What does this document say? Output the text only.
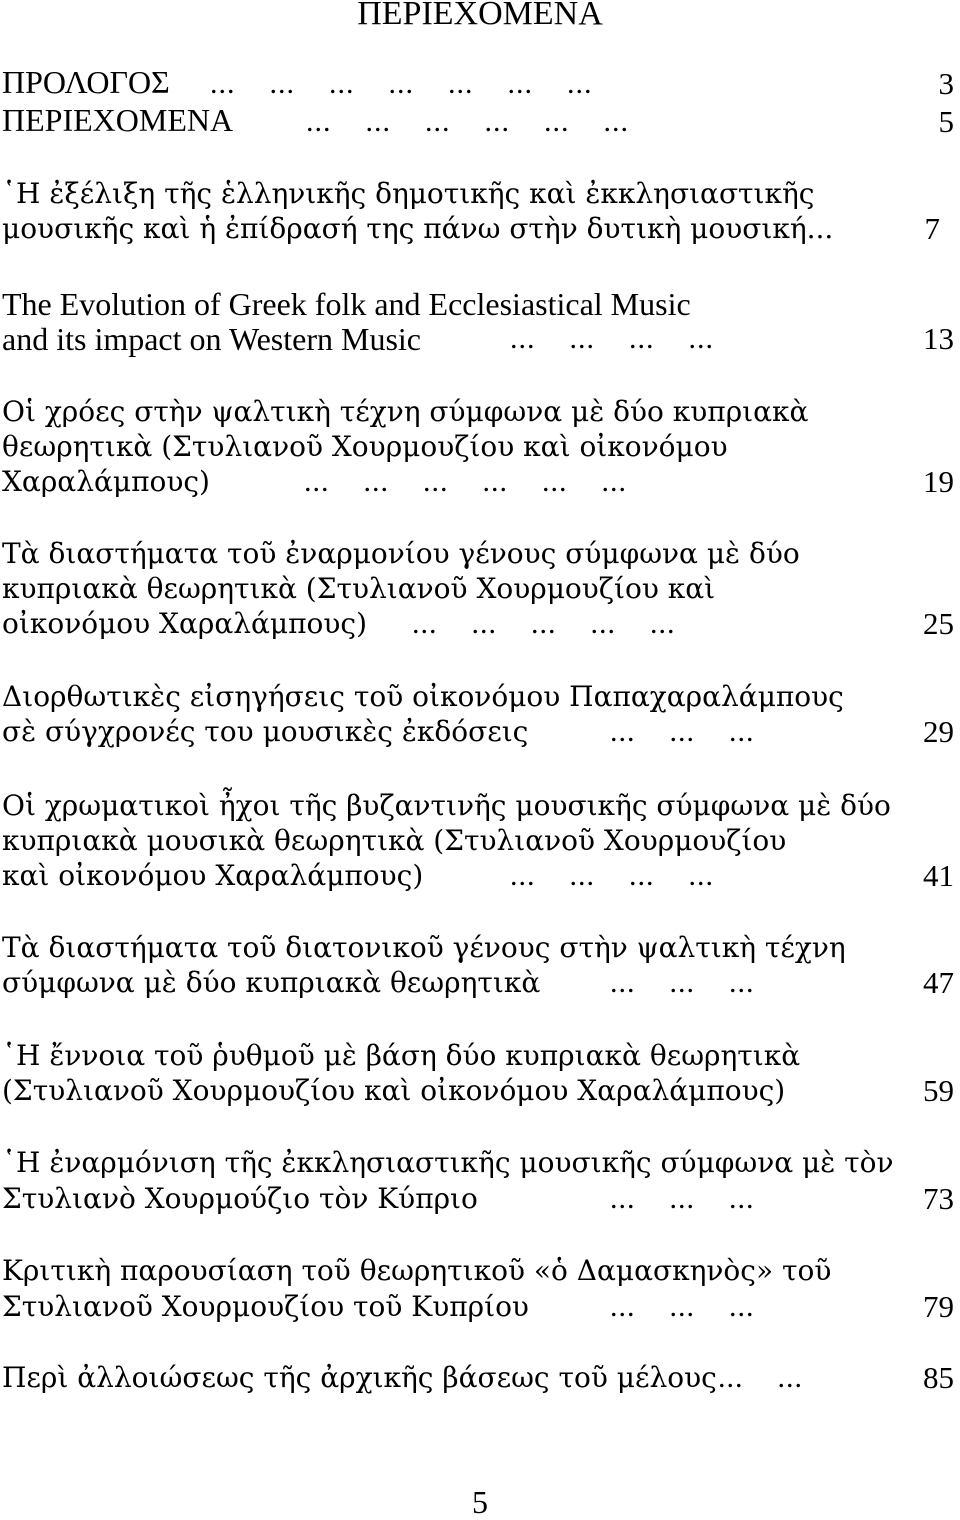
ΠΕΡΙΕΧΟΜΕΝΑ
ΠΡΟΛΟΓΟΣ ...    ...    ...    ...    ...    ...    ...	3
ΠΕΡΙΕΧΟΜΕΝΑ ...    ...    ...    ...    ...    ...	5
῾Η ἐξέλιξη τῆς ἑλληνικῆς δημοτικῆς καὶ ἐκκλησιαστικῆς
μουσικῆς καὶ ἡ ἐπίδρασή της πάνω στὴν δυτικὴ μουσική...	7
The Evolution of Greek folk and Ecclesiastical Music
and its impact on Western Music	...    ...    ...    ...	13
Οἱ χρόες στὴν ψαλτικὴ τέχνη σύμφωνα μὲ δύο κυπριακὰ
θεωρητικὰ (Στυλιανοῦ Χουρμουζίου καὶ οἰκονόμου
Χαραλάμπους)	...    ...    ...    ...    ...    ...	19
Τὰ διαστήματα τοῦ ἐναρμονίου γένους σύμφωνα μὲ δύο
κυπριακὰ θεωρητικὰ (Στυλιανοῦ Χουρμουζίου καὶ
οἰκονόμου Χαραλάμπους) ...    ...    ...    ...    ...	25
Διορθωτικὲς εἰσηγήσεις τοῦ οἰκονόμου Παπαχαραλάμπους
σὲ σύγχρονές του μουσικὲς ἐκδόσεις	...    ...    ...	29
Οἱ χρωματικοὶ ἦχοι τῆς βυζαντινῆς μουσικῆς σύμφωνα μὲ δύο
κυπριακὰ μουσικὰ θεωρητικὰ (Στυλιανοῦ Χουρμουζίου
καὶ οἰκονόμου Χαραλάμπους)	...    ...    ...    ...	41
Τὰ διαστήματα τοῦ διατονικοῦ γένους στὴν ψαλτικὴ τέχνη
σύμφωνα μὲ δύο κυπριακὰ θεωρητικὰ ...    ...    ...	47
῾Η ἔννοια τοῦ ῥυθμοῦ μὲ βάση δύο κυπριακὰ θεωρητικὰ
(Στυλιανοῦ Χουρμουζίου καὶ οἰκονόμου Χαραλάμπους)	59
῾Η ἐναρμόνιση τῆς ἐκκλησιαστικῆς μουσικῆς σύμφωνα μὲ τὸν
Στυλιανὸ Χουρμούζιο τὸν Κύπριο	...    ...    ...	73
Κριτικὴ παρουσίαση τοῦ θεωρητικοῦ «ὁ Δαμασκηνὸς» τοῦ
Στυλιανοῦ Χουρμουζίου τοῦ Κυπρίου	...    ...    ...	79
Περὶ ἀλλοιώσεως τῆς ἀρχικῆς βάσεως τοῦ μέλους ...    ...	85
5
